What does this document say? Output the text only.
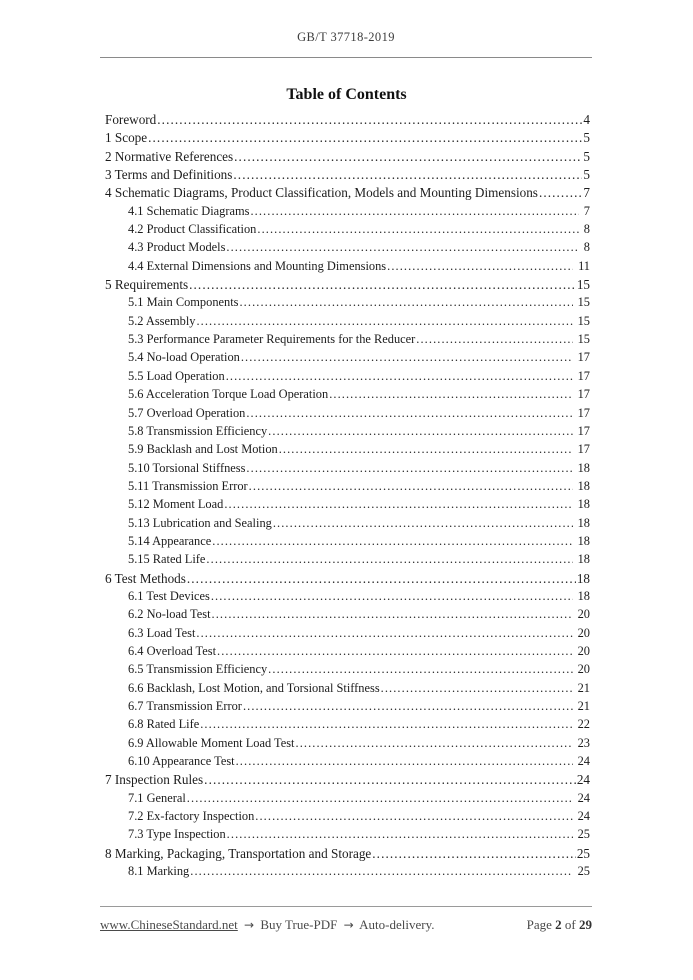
GB/T 37718-2019
Table of Contents
Foreword .....	4
1 Scope .....	5
2 Normative References .....	5
3 Terms and Definitions .....	5
4 Schematic Diagrams, Product Classification, Models and Mounting Dimensions .....	7
4.1 Schematic Diagrams .....	7
4.2 Product Classification .....	8
4.3 Product Models .....	8
4.4 External Dimensions and Mounting Dimensions .....	11
5 Requirements .....	15
5.1 Main Components .....	15
5.2 Assembly .....	15
5.3 Performance Parameter Requirements for the Reducer .....	15
5.4 No-load Operation .....	17
5.5 Load Operation .....	17
5.6 Acceleration Torque Load Operation .....	17
5.7 Overload Operation .....	17
5.8 Transmission Efficiency .....	17
5.9 Backlash and Lost Motion .....	17
5.10 Torsional Stiffness .....	18
5.11 Transmission Error .....	18
5.12 Moment Load .....	18
5.13 Lubrication and Sealing .....	18
5.14 Appearance .....	18
5.15 Rated Life .....	18
6 Test Methods .....	18
6.1 Test Devices .....	18
6.2 No-load Test .....	20
6.3 Load Test .....	20
6.4 Overload Test .....	20
6.5 Transmission Efficiency .....	20
6.6 Backlash, Lost Motion, and Torsional Stiffness .....	21
6.7 Transmission Error .....	21
6.8 Rated Life .....	22
6.9 Allowable Moment Load Test .....	23
6.10 Appearance Test .....	24
7 Inspection Rules .....	24
7.1 General .....	24
7.2 Ex-factory Inspection .....	24
7.3 Type Inspection .....	25
8 Marking, Packaging, Transportation and Storage .....	25
8.1 Marking .....	25
www.ChineseStandard.net → Buy True-PDF → Auto-delivery.	Page 2 of 29
